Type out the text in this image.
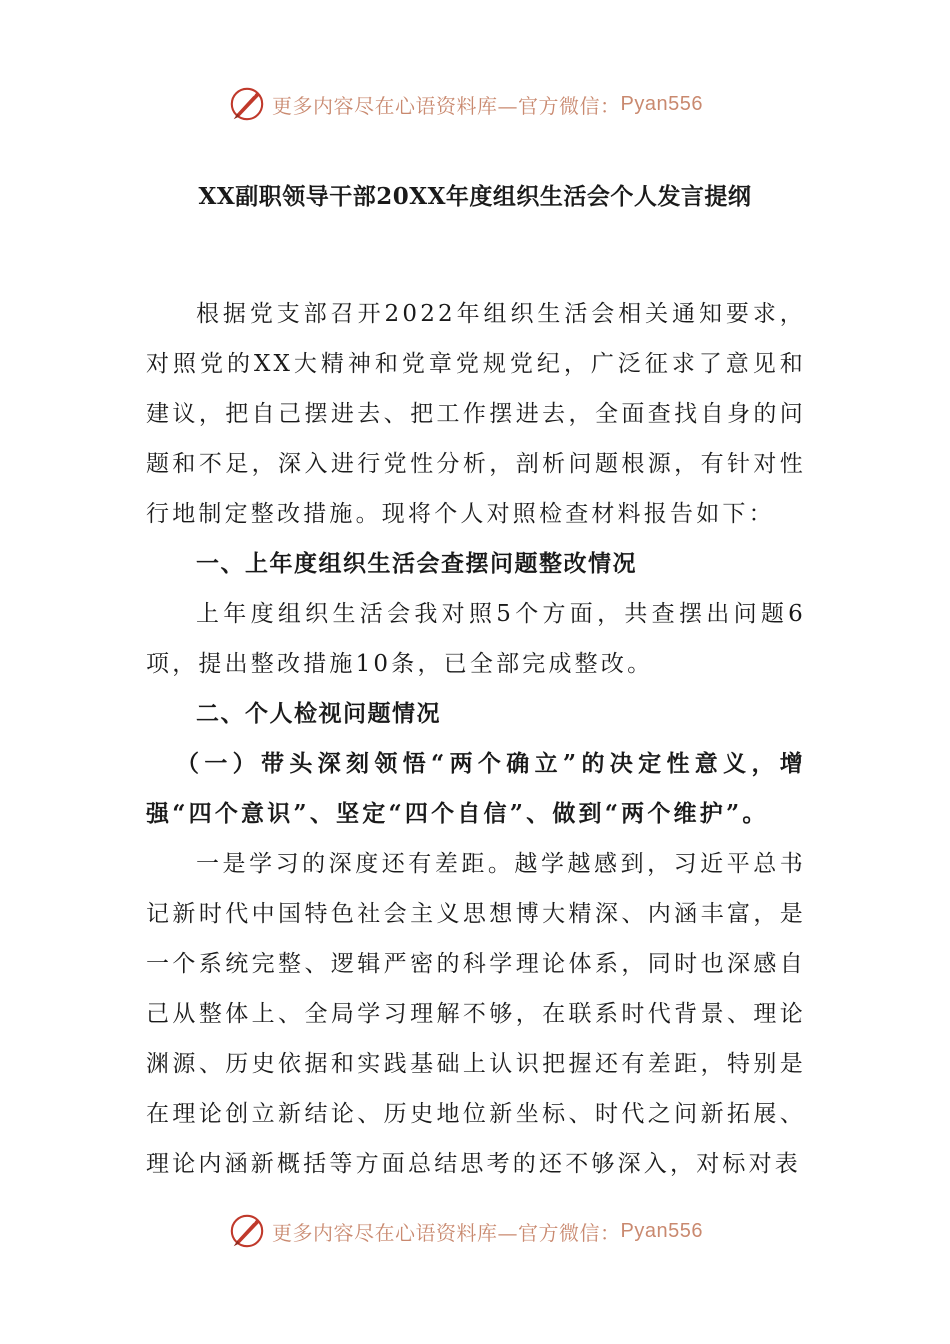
更多内容尽在心语资料库—官方微信： Pyan556
XX副职领导干部20XX年度组织生活会个人发言提纲

根据党支部召开2022年组织生活会相关通知要求，对照党的XX大精神和党章党规党纪，广泛征求了意见和建议，把自己摆进去、把工作摆进去，全面查找自身的问题和不足，深入进行党性分析，剖析问题根源，有针对性行地制定整改措施。现将个人对照检查材料报告如下：

一、上年度组织生活会查摆问题整改情况

上年度组织生活会我对照5个方面，共查摆出问题6项，提出整改措施10条，已全部完成整改。

二、个人检视问题情况

（一）带头深刻领悟“两个确立”的决定性意义，增强“四个意识”、坚定“四个自信”、做到“两个维护”。

一是学习的深度还有差距。越学越感到，习近平总书记新时代中国特色社会主义思想博大精深、内涵丰富，是一个系统完整、逻辑严密的科学理论体系，同时也深感自己从整体上、全局学习理解不够，在联系时代背景、理论渊源、历史依据和实践基础上认识把握还有差距，特别是在理论创立新结论、历史地位新坐标、时代之问新拓展、理论内涵新概括等方面总结思考的还不够深入，对标对表

更多内容尽在心语资料库—官方微信： Pyan556
